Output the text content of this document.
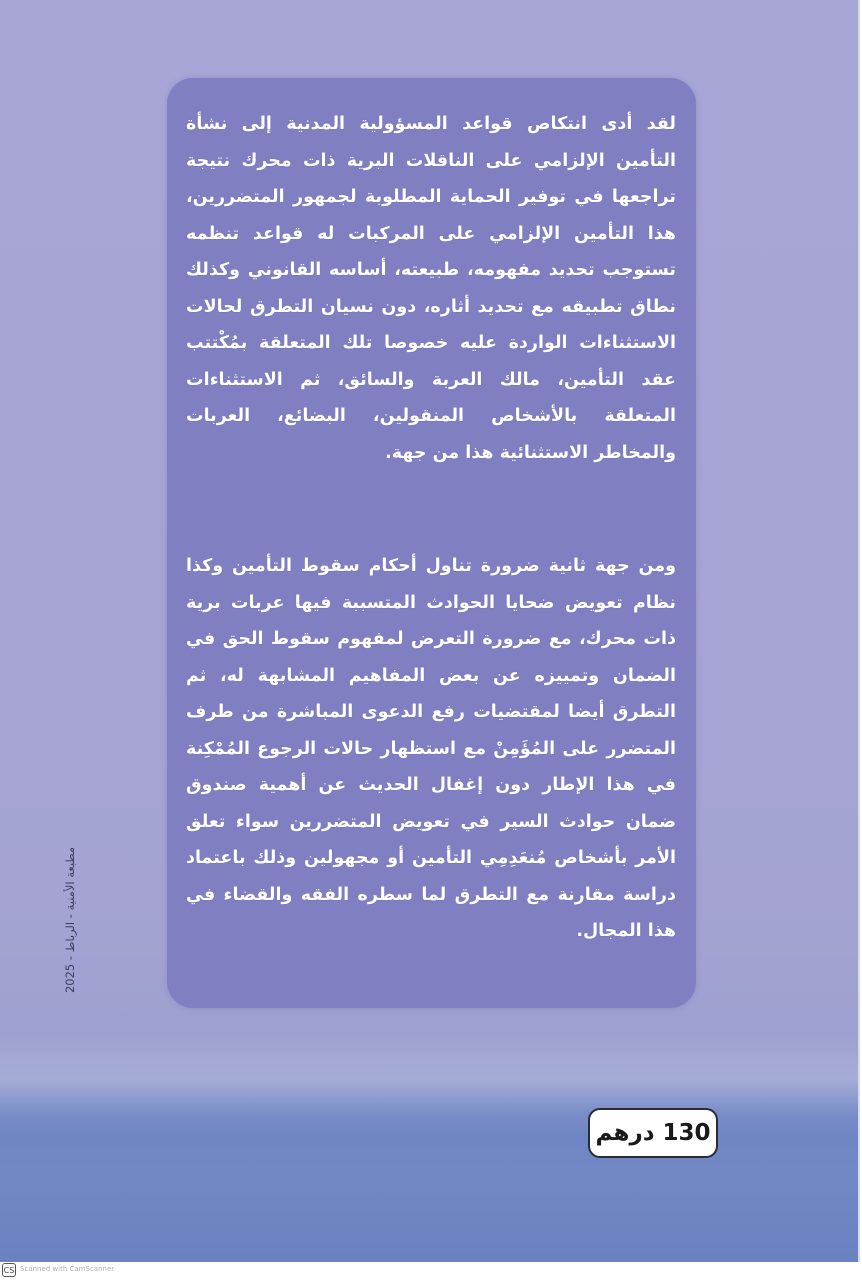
لقد أدى انتكاص قواعد المسؤولية المدنية إلى نشأة التأمين الإلزامي على الناقلات البرية ذات محرك نتيجة تراجعها في توفير الحماية المطلوبة لجمهور المتضررين، هذا التأمين الإلزامي على المركبات له قواعد تنظمه تستوجب تحديد مفهومه، طبيعته، أساسه القانوني وكذلك نطاق تطبيقه مع تحديد أثاره، دون نسيان التطرق لحالات الاستثناءات الواردة عليه خصوصا تلك المتعلقة بمُكْتتب عقد التأمين، مالك العربة والسائق، ثم الاستثناءات المتعلقة بالأشخاص المنقولين، البضائع، العربات والمخاطر الاستثنائية هذا من جهة.

ومن جهة ثانية ضرورة تناول أحكام سقوط التأمين وكذا نظام تعويض ضحايا الحوادث المتسببة فيها عربات برية ذات محرك، مع ضرورة التعرض لمفهوم سقوط الحق في الضمان وتمييزه عن بعض المفاهيم المشابهة له، ثم التطرق أيضا لمقتضيات رفع الدعوى المباشرة من طرف المتضرر على المُؤَمِنْ مع استظهار حالات الرجوع المُمْكِنة في هذا الإطار دون إغفال الحديث عن أهمية صندوق ضمان حوادث السير في تعويض المتضررين سواء تعلق الأمر بأشخاص مُنعَدِمِي التأمين أو مجهولين وذلك باعتماد دراسة مقارنة مع التطرق لما سطره الفقه والقضاء في هذا المجال.

مطبعة الأمنية - الرباط - 2025
130 درهم
CS Scanned with CamScanner
